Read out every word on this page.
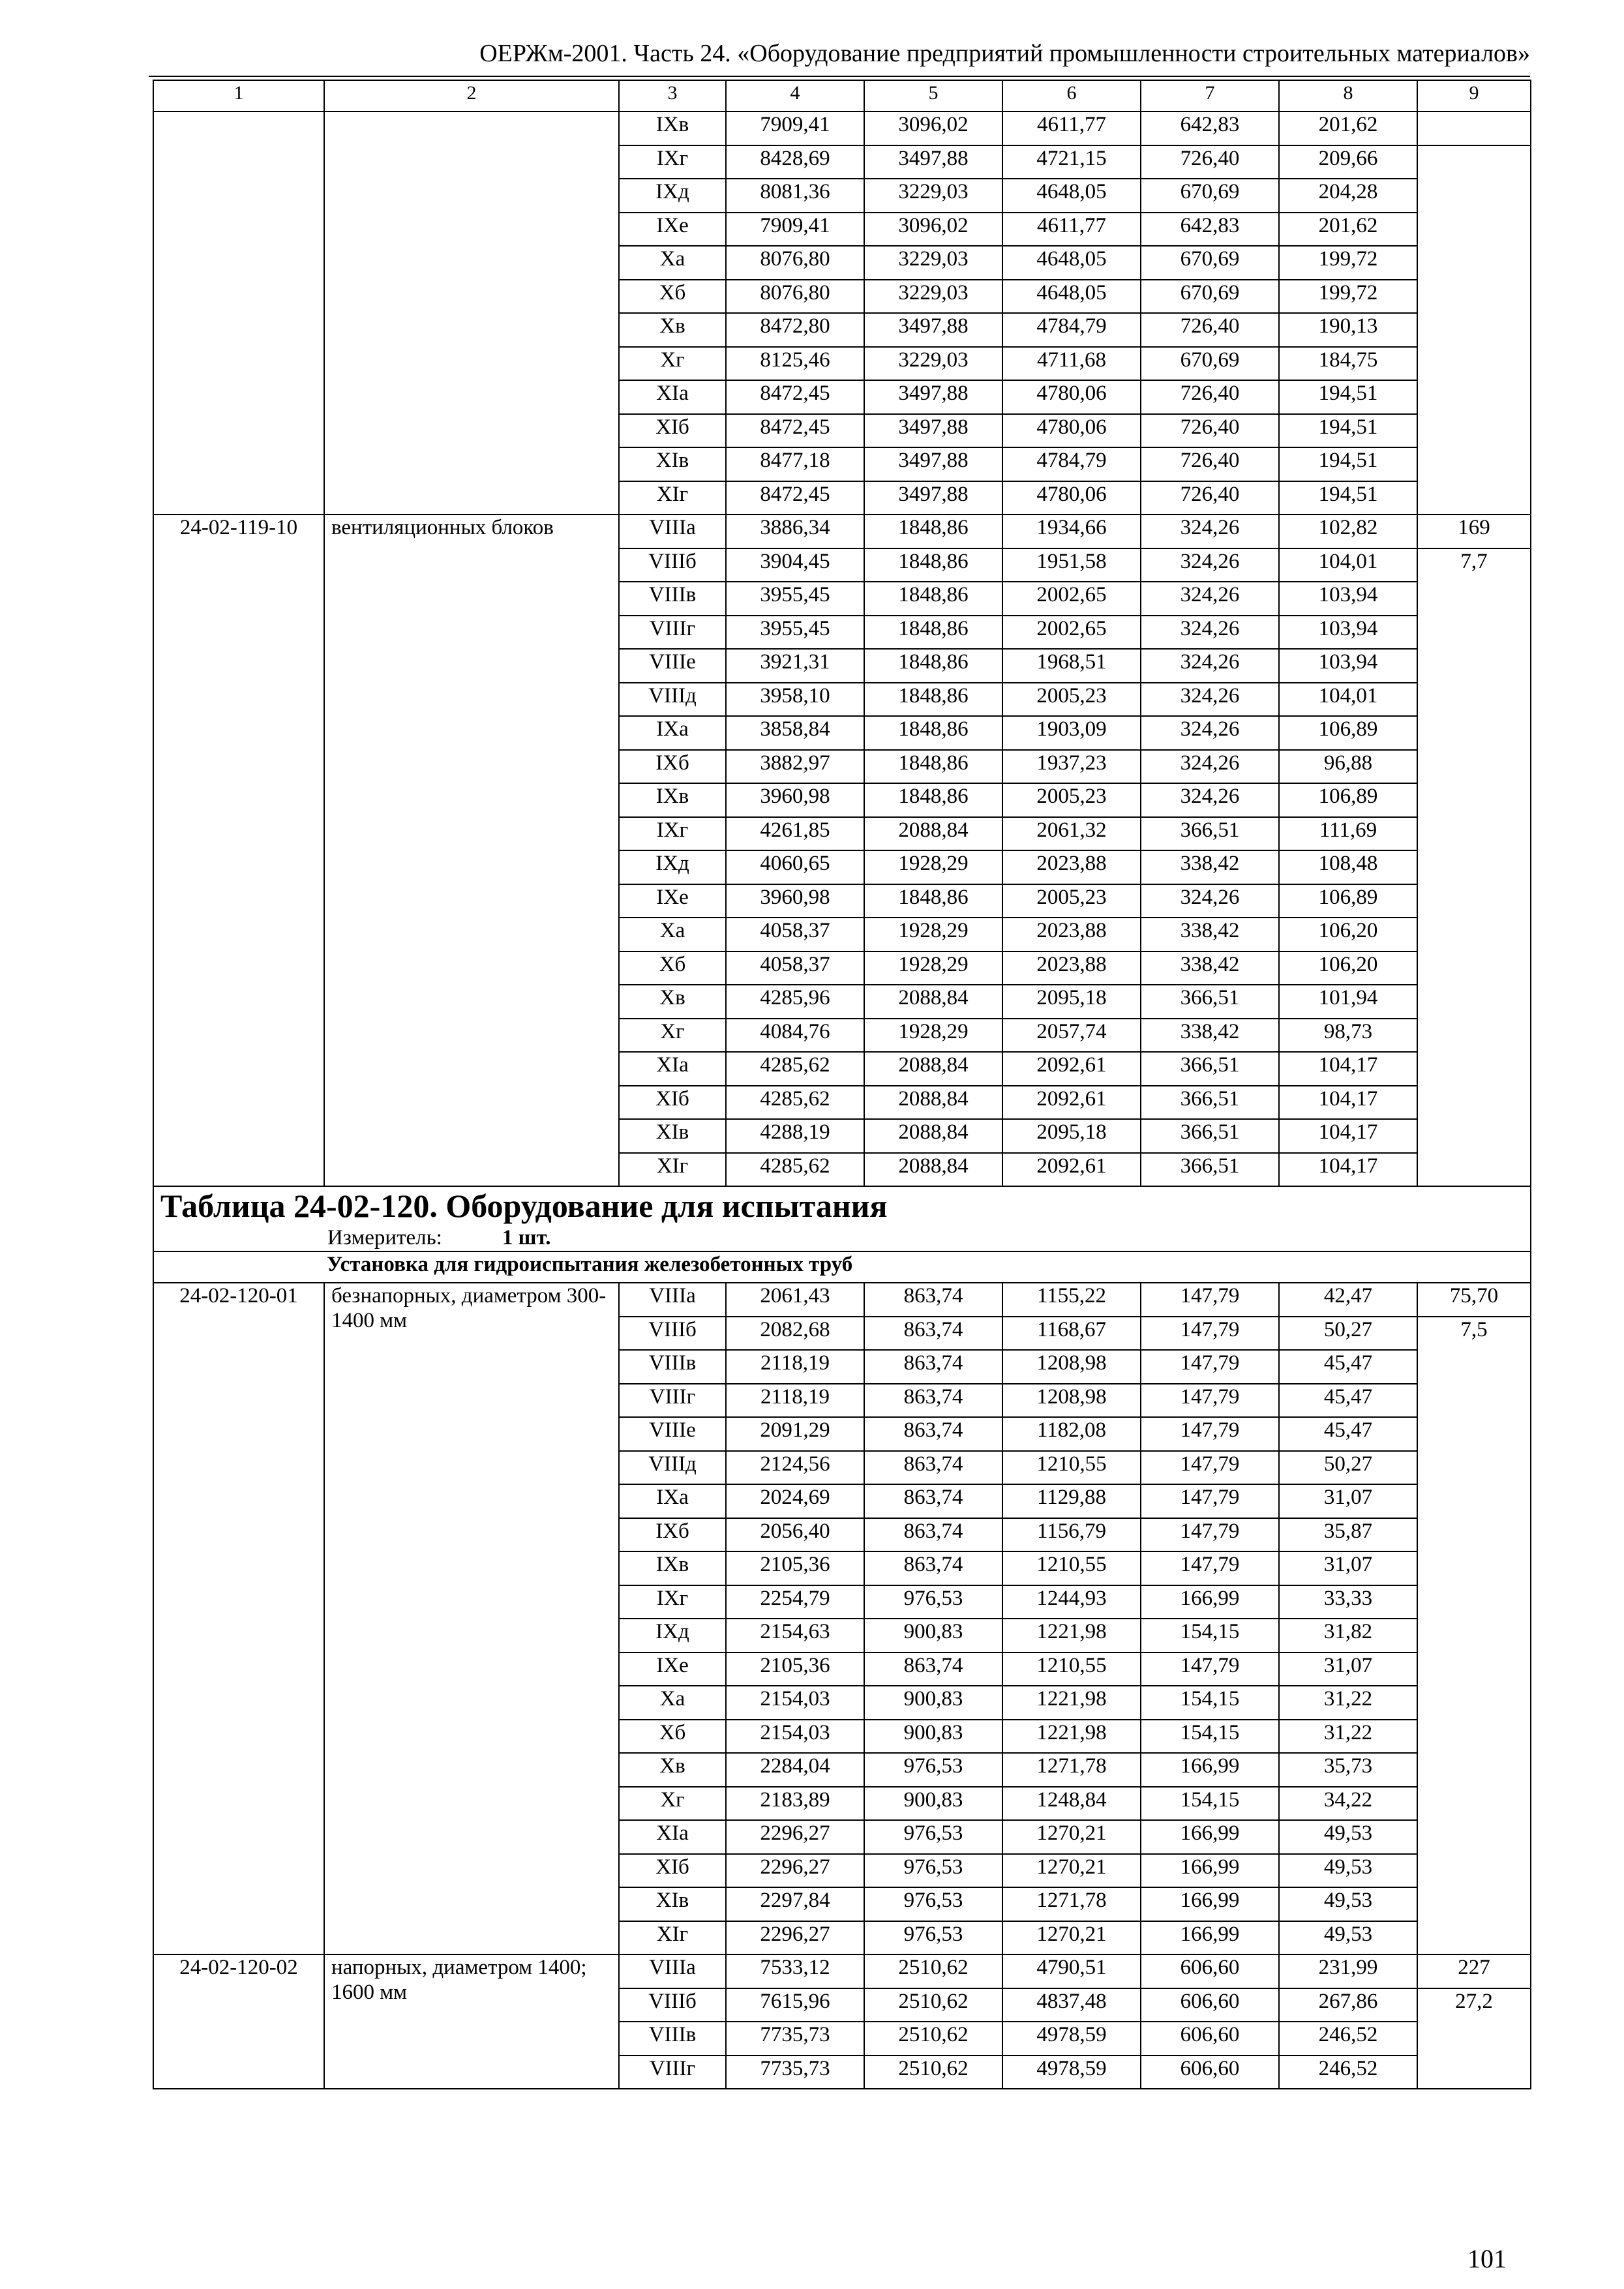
ОЕРЖм-2001. Часть 24. «Оборудование предприятий промышленности строительных материалов»
1	2	3	4	5	6	7	8	9
		IXв	7909,41	3096,02	4611,77	642,83	201,62	
		IXг	8428,69	3497,88	4721,15	726,40	209,66	
		IXд	8081,36	3229,03	4648,05	670,69	204,28	
		IXе	7909,41	3096,02	4611,77	642,83	201,62	
		Xа	8076,80	3229,03	4648,05	670,69	199,72	
		Xб	8076,80	3229,03	4648,05	670,69	199,72	
		Xв	8472,80	3497,88	4784,79	726,40	190,13	
		Xг	8125,46	3229,03	4711,68	670,69	184,75	
		XIа	8472,45	3497,88	4780,06	726,40	194,51	
		XIб	8472,45	3497,88	4780,06	726,40	194,51	
		XIв	8477,18	3497,88	4784,79	726,40	194,51	
		XIг	8472,45	3497,88	4780,06	726,40	194,51	
24-02-119-10	вентиляционных блоков	VIIIа	3886,34	1848,86	1934,66	324,26	102,82	169
		VIIIб	3904,45	1848,86	1951,58	324,26	104,01	7,7
		VIIIв	3955,45	1848,86	2002,65	324,26	103,94	
		VIIIг	3955,45	1848,86	2002,65	324,26	103,94	
		VIIIе	3921,31	1848,86	1968,51	324,26	103,94	
		VIIIд	3958,10	1848,86	2005,23	324,26	104,01	
		IXа	3858,84	1848,86	1903,09	324,26	106,89	
		IXб	3882,97	1848,86	1937,23	324,26	96,88	
		IXв	3960,98	1848,86	2005,23	324,26	106,89	
		IXг	4261,85	2088,84	2061,32	366,51	111,69	
		IXд	4060,65	1928,29	2023,88	338,42	108,48	
		IXе	3960,98	1848,86	2005,23	324,26	106,89	
		Xа	4058,37	1928,29	2023,88	338,42	106,20	
		Xб	4058,37	1928,29	2023,88	338,42	106,20	
		Xв	4285,96	2088,84	2095,18	366,51	101,94	
		Xг	4084,76	1928,29	2057,74	338,42	98,73	
		XIа	4285,62	2088,84	2092,61	366,51	104,17	
		XIб	4285,62	2088,84	2092,61	366,51	104,17	
		XIв	4288,19	2088,84	2095,18	366,51	104,17	
		XIг	4285,62	2088,84	2092,61	366,51	104,17	
Таблица 24-02-120. Оборудование для испытания								
Измеритель: 1 шт.								
Установка для гидроиспытания железобетонных труб								
24-02-120-01	безнапорных, диаметром 300-1400 мм	VIIIа	2061,43	863,74	1155,22	147,79	42,47	75,70
		VIIIб	2082,68	863,74	1168,67	147,79	50,27	7,5
		VIIIв	2118,19	863,74	1208,98	147,79	45,47	
		VIIIг	2118,19	863,74	1208,98	147,79	45,47	
		VIIIе	2091,29	863,74	1182,08	147,79	45,47	
		VIIIд	2124,56	863,74	1210,55	147,79	50,27	
		IXа	2024,69	863,74	1129,88	147,79	31,07	
		IXб	2056,40	863,74	1156,79	147,79	35,87	
		IXв	2105,36	863,74	1210,55	147,79	31,07	
		IXг	2254,79	976,53	1244,93	166,99	33,33	
		IXд	2154,63	900,83	1221,98	154,15	31,82	
		IXе	2105,36	863,74	1210,55	147,79	31,07	
		Xа	2154,03	900,83	1221,98	154,15	31,22	
		Xб	2154,03	900,83	1221,98	154,15	31,22	
		Xв	2284,04	976,53	1271,78	166,99	35,73	
		Xг	2183,89	900,83	1248,84	154,15	34,22	
		XIа	2296,27	976,53	1270,21	166,99	49,53	
		XIб	2296,27	976,53	1270,21	166,99	49,53	
		XIв	2297,84	976,53	1271,78	166,99	49,53	
		XIг	2296,27	976,53	1270,21	166,99	49,53	
24-02-120-02	напорных, диаметром 1400; 1600 мм	VIIIа	7533,12	2510,62	4790,51	606,60	231,99	227
		VIIIб	7615,96	2510,62	4837,48	606,60	267,86	27,2
		VIIIв	7735,73	2510,62	4978,59	606,60	246,52	
		VIIIг	7735,73	2510,62	4978,59	606,60	246,52	
101
